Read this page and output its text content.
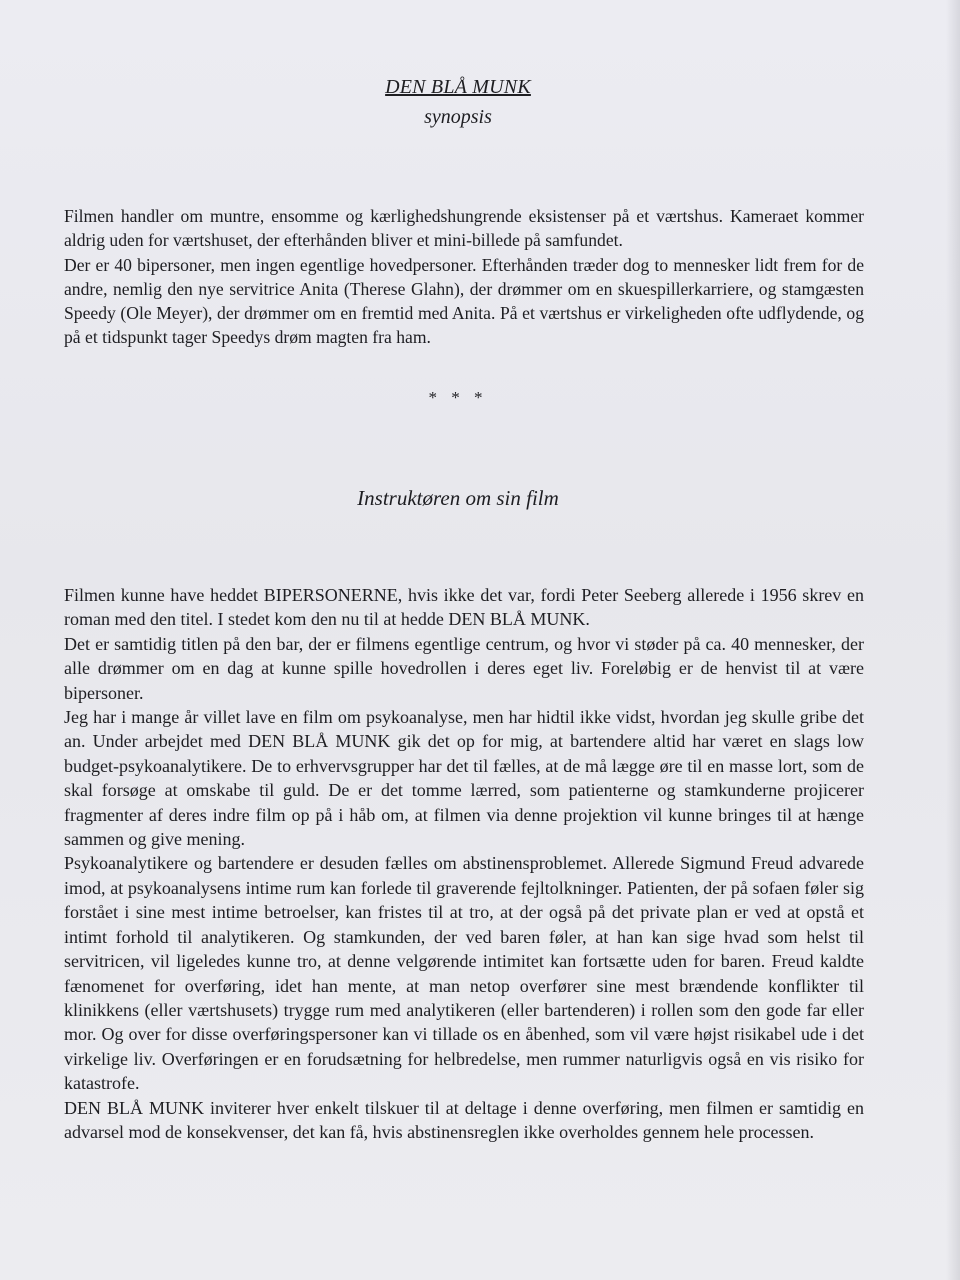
DEN BLÅ MUNK
synopsis
Filmen handler om muntre, ensomme og kærlighedshungrende eksistenser på et værtshus. Kameraet kommer aldrig uden for værtshuset, der efterhånden bliver et mini-billede på samfundet.
Der er 40 bipersoner, men ingen egentlige hovedpersoner. Efterhånden træder dog to mennesker lidt frem for de andre, nemlig den nye servitrice Anita (Therese Glahn), der drømmer om en skuespillerkarriere, og stamgæsten Speedy (Ole Meyer), der drømmer om en fremtid med Anita. På et værtshus er virkeligheden ofte udflydende, og på et tidspunkt tager Speedys drøm magten fra ham.
* * *
Instruktøren om sin film
Filmen kunne have heddet BIPERSONERNE, hvis ikke det var, fordi Peter Seeberg allerede i 1956 skrev en roman med den titel. I stedet kom den nu til at hedde DEN BLÅ MUNK.
Det er samtidig titlen på den bar, der er filmens egentlige centrum, og hvor vi støder på ca. 40 mennesker, der alle drømmer om en dag at kunne spille hovedrollen i deres eget liv. Foreløbig er de henvist til at være bipersoner.
Jeg har i mange år villet lave en film om psykoanalyse, men har hidtil ikke vidst, hvordan jeg skulle gribe det an. Under arbejdet med DEN BLÅ MUNK gik det op for mig, at bartendere altid har været en slags low budget-psykoanalytikere. De to erhvervsgrupper har det til fælles, at de må lægge øre til en masse lort, som de skal forsøge at omskabe til guld. De er det tomme lærred, som patienterne og stamkunderne projicerer fragmenter af deres indre film op på i håb om, at filmen via denne projektion vil kunne bringes til at hænge sammen og give mening.
Psykoanalytikere og bartendere er desuden fælles om abstinensproblemet. Allerede Sigmund Freud advarede imod, at psykoanalysens intime rum kan forlede til graverende fejltolkninger. Patienten, der på sofaen føler sig forstået i sine mest intime betroelser, kan fristes til at tro, at der også på det private plan er ved at opstå et intimt forhold til analytikeren. Og stamkunden, der ved baren føler, at han kan sige hvad som helst til servitricen, vil ligeledes kunne tro, at denne velgørende intimitet kan fortsætte uden for baren. Freud kaldte fænomenet for overføring, idet han mente, at man netop overfører sine mest brændende konflikter til klinikkens (eller værtshusets) trygge rum med analytikeren (eller bartenderen) i rollen som den gode far eller mor. Og over for disse overføringspersoner kan vi tillade os en åbenhed, som vil være højst risikabel ude i det virkelige liv. Overføringen er en forudsætning for helbredelse, men rummer naturligvis også en vis risiko for katastrofe.
DEN BLÅ MUNK inviterer hver enkelt tilskuer til at deltage i denne overføring, men filmen er samtidig en advarsel mod de konsekvenser, det kan få, hvis abstinensreglen ikke overholdes gennem hele processen.
